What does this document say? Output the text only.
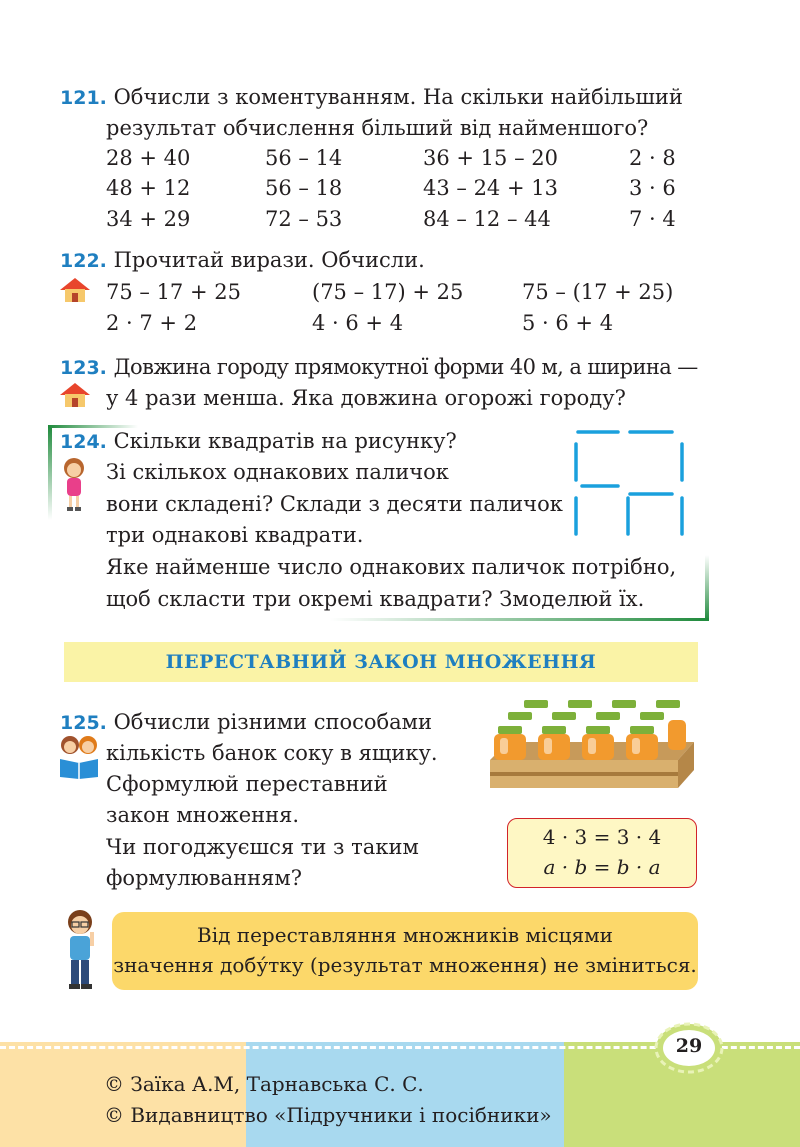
121. Обчисли з коментуванням. На скільки найбільший
результат обчислення більший від найменшого?
28 + 40	56 – 14	36 + 15 – 20	2 · 8
48 + 12	56 – 18	43 – 24 + 13	3 · 6
34 + 29	72 – 53	84 – 12 – 44	7 · 4
122. Прочитай вирази. Обчисли.
75 – 17 + 25	(75 – 17) + 25	75 – (17 + 25)
2 · 7 + 2	4 · 6 + 4	5 · 6 + 4
123. Довжина городу прямокутної форми 40 м, а ширина —
у 4 рази менша. Яка довжина огорожі городу?
124. Скільки квадратів на рисунку?
Зі скількох однакових паличок
вони складені? Склади з десяти паличок
три однакові квадрати.
Яке найменше число однакових паличок потрібно,
щоб скласти три окремі квадрати? Змоделюй їх.
ПЕРЕСТАВНИЙ ЗАКОН МНОЖЕННЯ
125. Обчисли різними способами
кількість банок соку в ящику.
Сформулюй переставний
закон множення.
Чи погоджуєшся ти з таким
формулюванням?
4 · 3 = 3 · 4
a · b = b · a
Від переставляння множників місцями
значення добу́тку (результат множення) не зміниться.
29
© Заїка А.М, Тарнавська С. С.
© Видавництво «Підручники і посібники»
